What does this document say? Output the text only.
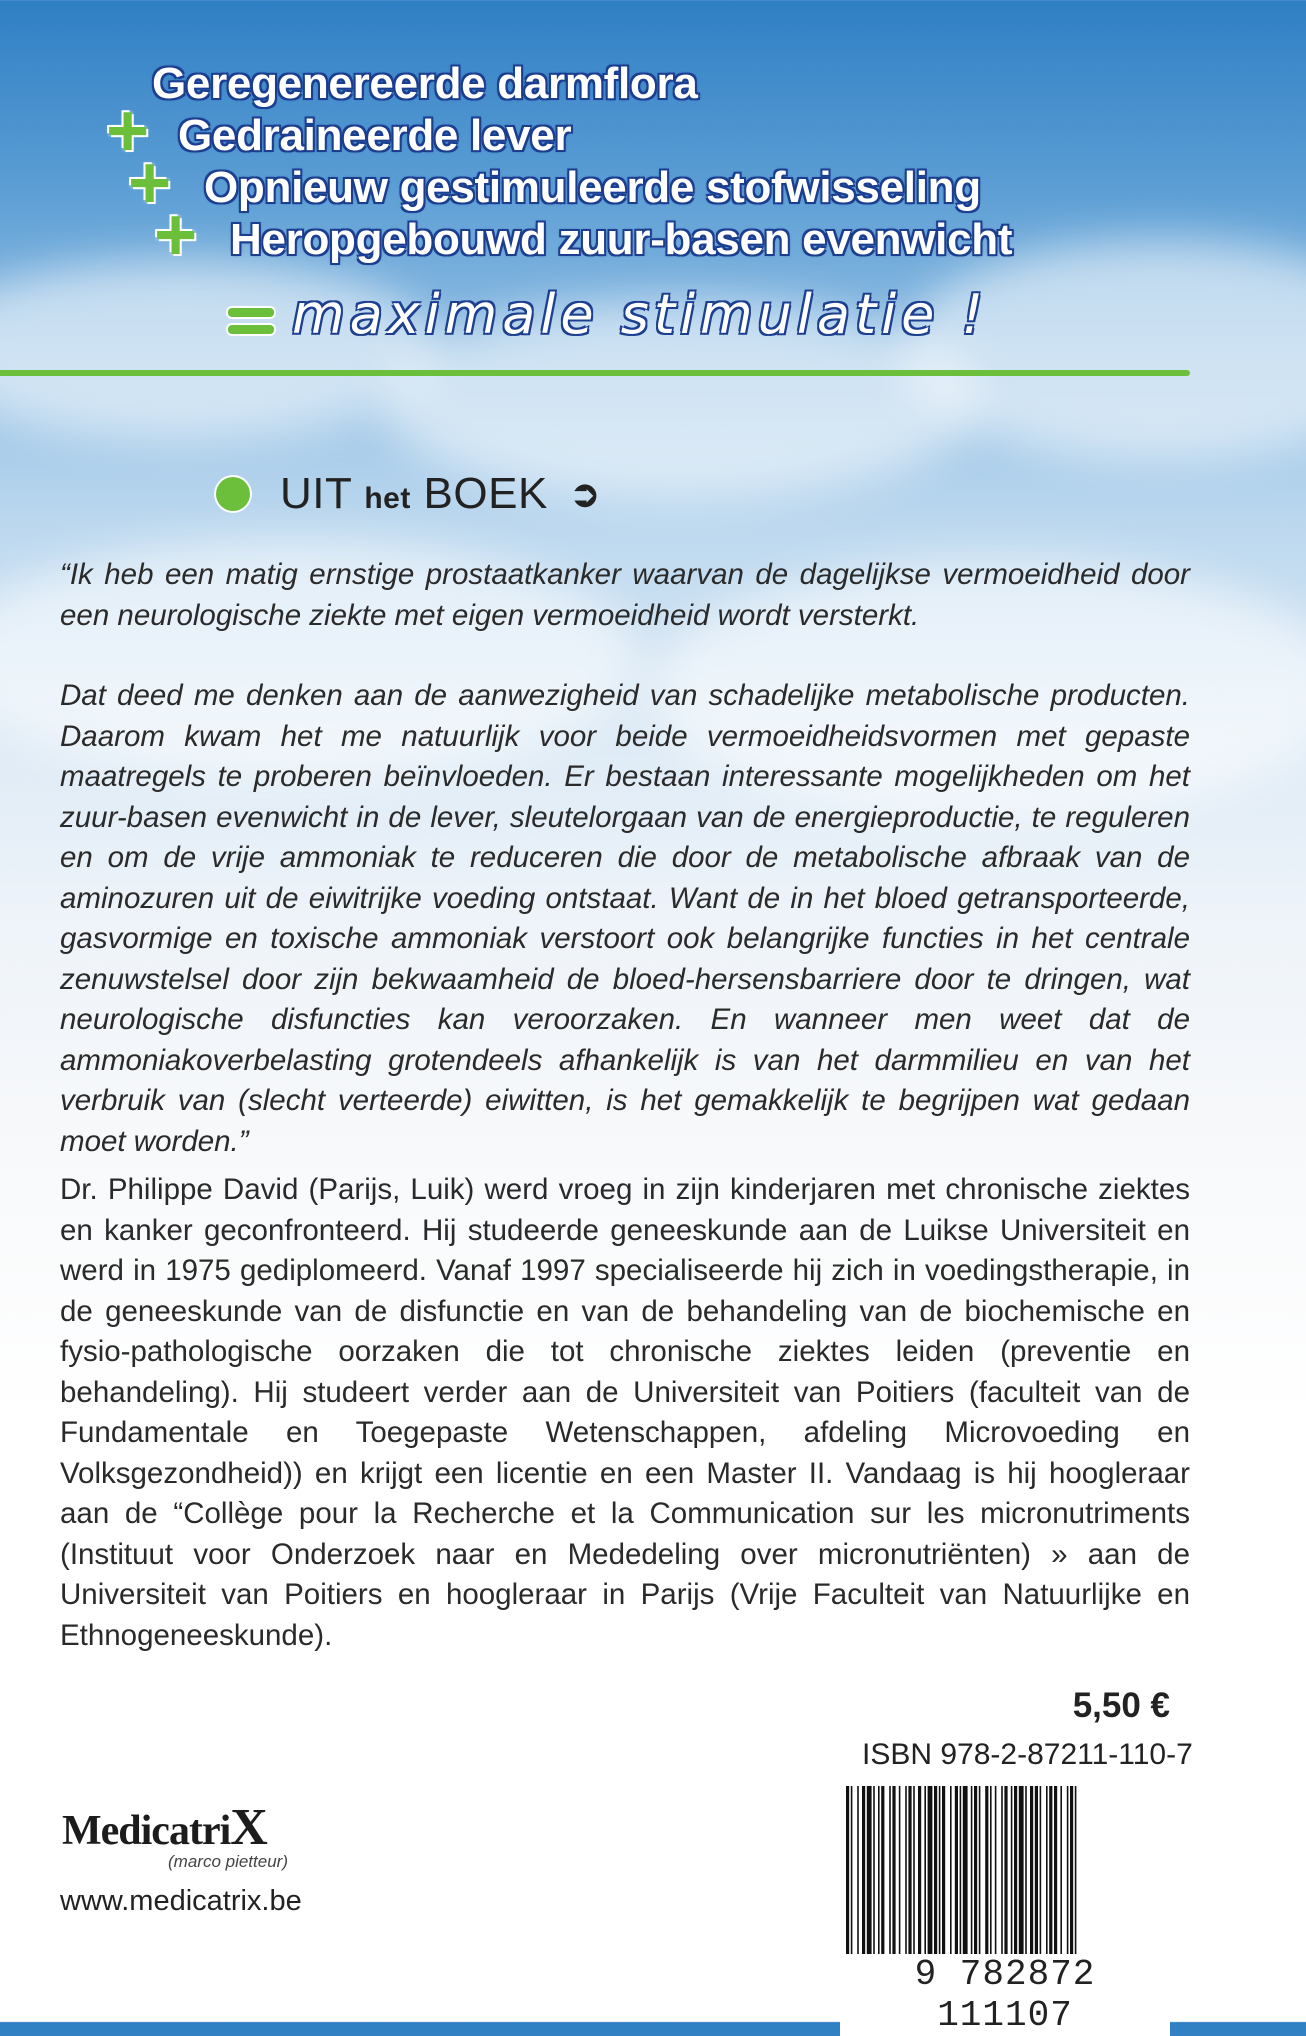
Geregenereerde darmflora
+ Gedraineerde lever
+ Opnieuw gestimuleerde stofwisseling
+ Heropgebouwd zuur-basen evenwicht
maximale stimulatie !
UIT het BOEK ➲

“Ik heb een matig ernstige prostaatkanker waarvan de dagelijkse vermoeidheid door een neurologische ziekte met eigen vermoeidheid wordt versterkt.

Dat deed me denken aan de aanwezigheid van schadelijke metabolische producten. Daarom kwam het me natuurlijk voor beide vermoeidheidsvormen met gepaste maatregels te proberen beïnvloeden. Er bestaan interessante mogelijkheden om het zuur-basen evenwicht in de lever, sleutelorgaan van de energieproductie, te reguleren en om de vrije ammoniak te reduceren die door de metabolische afbraak van de aminozuren uit de eiwitrijke voeding ontstaat. Want de in het bloed getransporteerde, gasvormige en toxische ammoniak verstoort ook belangrijke functies in het centrale zenuwstelsel door zijn bekwaamheid de bloed-hersensbarriere door te dringen, wat neurologische disfuncties kan veroorzaken. En wanneer men weet dat de ammoniakoverbelasting grotendeels afhankelijk is van het darmmilieu en van het verbruik van (slecht verteerde) eiwitten, is het gemakkelijk te begrijpen wat gedaan moet worden.”

Dr. Philippe David (Parijs, Luik) werd vroeg in zijn kinderjaren met chronische ziektes en kanker geconfronteerd. Hij studeerde geneeskunde aan de Luikse Universiteit en werd in 1975 gediplomeerd. Vanaf 1997 specialiseerde hij zich in voedingstherapie, in de geneeskunde van de disfunctie en van de behandeling van de biochemische en fysio-pathologische oorzaken die tot chronische ziektes leiden (preventie en behandeling). Hij studeert verder aan de Universiteit van Poitiers (faculteit van de Fundamentale en Toegepaste Wetenschappen, afdeling Microvoeding en Volksgezondheid)) en krijgt een licentie en een Master II. Vandaag is hij hoogleraar aan de “Collège pour la Recherche et la Communication sur les micronutriments (Instituut voor Onderzoek naar en Mededeling over micronutriënten) » aan de Universiteit van Poitiers en hoogleraar in Parijs (Vrije Faculteit van Natuurlijke en Ethnogeneeskunde).

5,50 €
ISBN 978-2-87211-110-7
9 782872 111107
MedicatriX
(marco pietteur)
www.medicatrix.be
